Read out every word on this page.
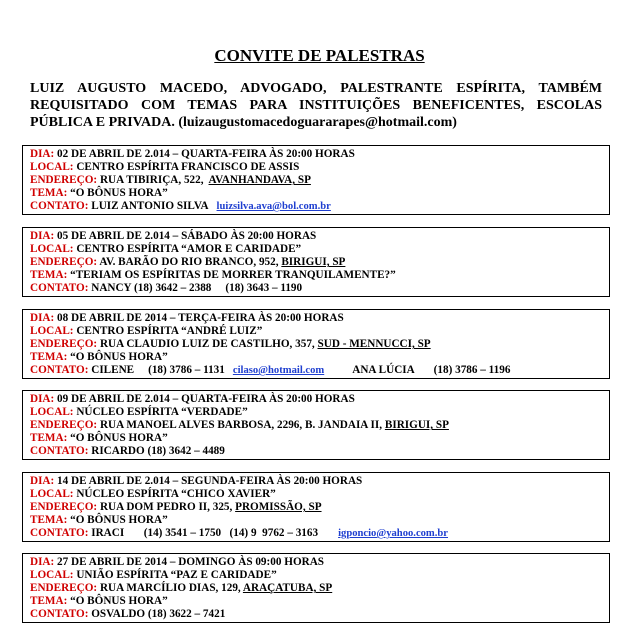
CONVITE DE PALESTRAS
LUIZ AUGUSTO MACEDO, ADVOGADO, PALESTRANTE ESPÍRITA, TAMBÉM REQUISITADO COM TEMAS PARA INSTITUIÇÕES BENEFICENTES, ESCOLAS PÚBLICA E PRIVADA. (luizaugustomacedoguararapes@hotmail.com)
DIA: 02 DE ABRIL DE 2.014 – QUARTA-FEIRA ÀS 20:00 HORAS
LOCAL: CENTRO ESPÍRITA FRANCISCO DE ASSIS
ENDEREÇO: RUA TIBIRIÇA, 522,  AVANHANDAVA, SP
TEMA: “O BÔNUS HORA”
CONTATO: LUIZ ANTONIO SILVA luizsilva.ava@bol.com.br
DIA: 05 DE ABRIL DE 2.014 – SÁBADO ÀS 20:00 HORAS
LOCAL: CENTRO ESPÍRITA “AMOR E CARIDADE”
ENDEREÇO: AV. BARÃO DO RIO BRANCO, 952, BIRIGUI, SP
TEMA: “TERIAM OS ESPÍRITAS DE MORRER TRANQUILAMENTE?”
CONTATO: NANCY (18) 3642 – 2388     (18) 3643 – 1190
DIA: 08 DE ABRIL DE 2014 – TERÇA-FEIRA ÀS 20:00 HORAS
LOCAL: CENTRO ESPÍRITA “ANDRÉ LUIZ”
ENDEREÇO: RUA CLAUDIO LUIZ DE CASTILHO, 357, SUD - MENNUCCI, SP
TEMA: “O BÔNUS HORA”
CONTATO: CILENE     (18) 3786 – 1131 cilaso@hotmail.com	ANA LÚCIA       (18) 3786 – 1196
DIA: 09 DE ABRIL DE 2.014 – QUARTA-FEIRA ÀS 20:00 HORAS
LOCAL: NÚCLEO ESPÍRITA “VERDADE”
ENDEREÇO: RUA MANOEL ALVES BARBOSA, 2296, B. JANDAIA II, BIRIGUI, SP
TEMA: “O BÔNUS HORA”
CONTATO: RICARDO (18) 3642 – 4489
DIA: 14 DE ABRIL DE 2.014 – SEGUNDA-FEIRA ÀS 20:00 HORAS
LOCAL: NÚCLEO ESPÍRITA “CHICO XAVIER”
ENDEREÇO: RUA DOM PEDRO II, 325, PROMISSÃO, SP
TEMA: “O BÔNUS HORA”
CONTATO: IRACI       (14) 3541 – 1750   (14) 9  9762 – 3163 igponcio@yahoo.com.br
DIA: 27 DE ABRIL DE 2014 – DOMINGO ÀS 09:00 HORAS
LOCAL: UNIÃO ESPÍRITA “PAZ E CARIDADE”
ENDEREÇO: RUA MARCÍLIO DIAS, 129, ARAÇATUBA, SP
TEMA: “O BÔNUS HORA”
CONTATO: OSVALDO (18) 3622 – 7421
